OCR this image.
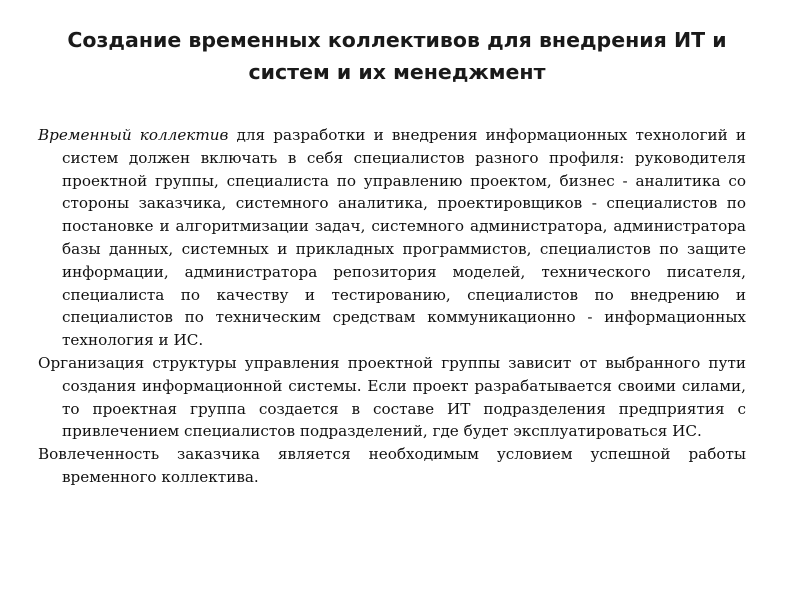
Создание временных коллективов для внедрения ИТ и систем и их менеджмент

Временный коллектив для разработки и внедрения информационных технологий и систем должен включать в себя специалистов разного профиля: руководителя проектной группы, специалиста по управлению проектом, бизнес - аналитика со стороны заказчика, системного аналитика, проектировщиков - специалистов по постановке и алгоритмизации задач, системного администратора, администратора базы данных, системных и прикладных программистов, специалистов по защите информации, администратора репозитория моделей, технического писателя, специалиста по качеству и тестированию, специалистов по внедрению и специалистов по техническим средствам коммуникационно - информационных технология и ИС.

Организация структуры управления проектной группы зависит от выбранного пути создания информационной системы. Если проект разрабатывается своими силами, то проектная группа создается в составе ИТ подразделения предприятия с привлечением специалистов подразделений, где будет эксплуатироваться ИС.

Вовлеченность заказчика является необходимым условием успешной работы временного коллектива.
